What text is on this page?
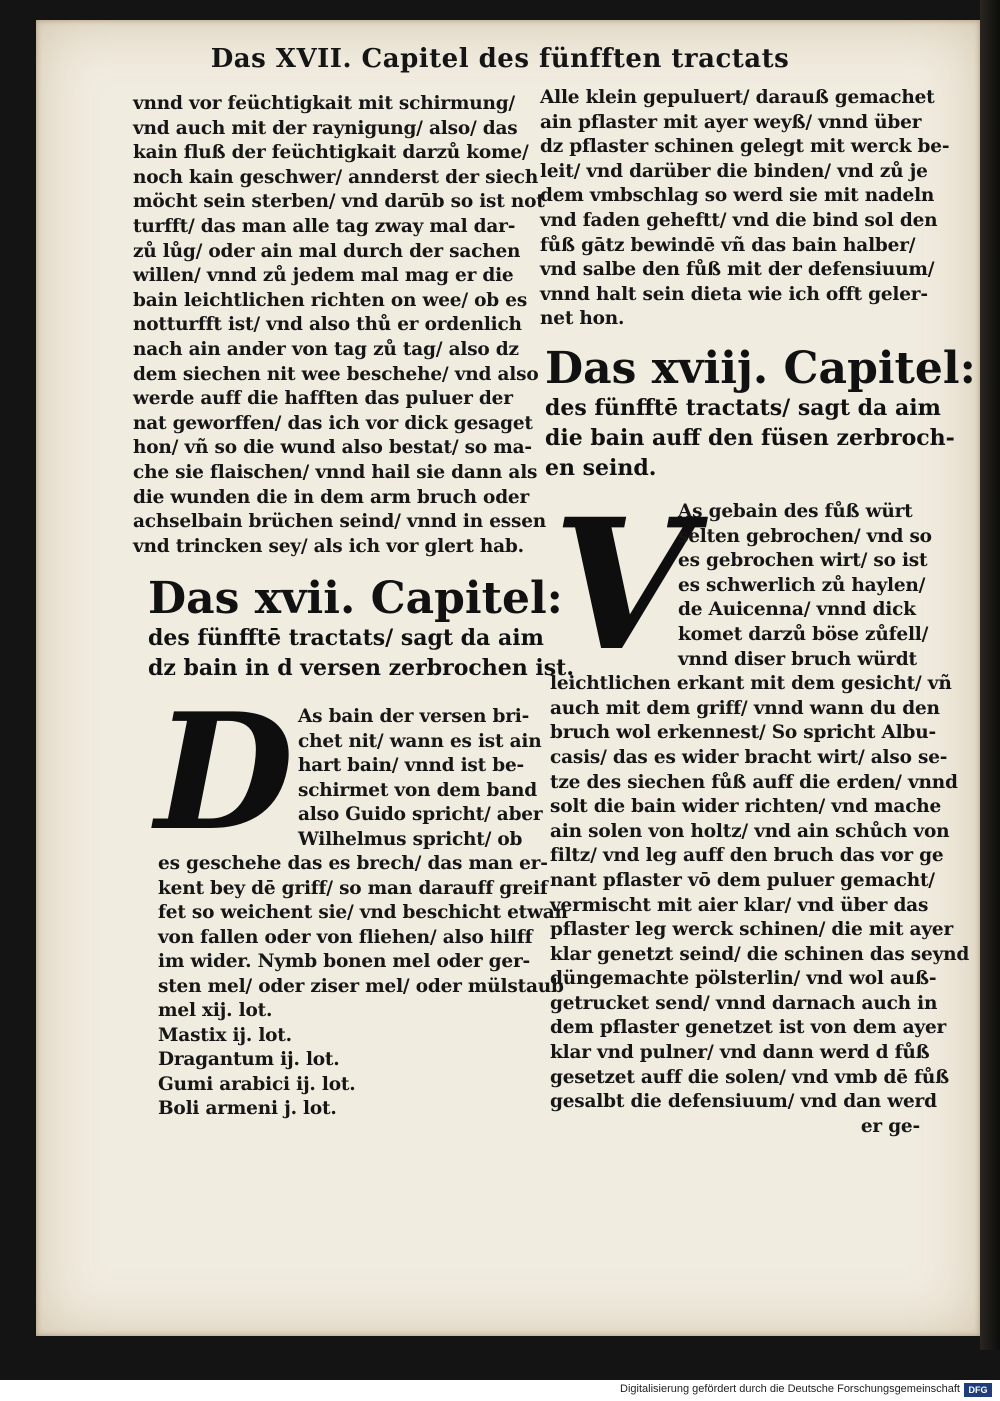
Das XVII. Capitel des fünfften tractats
vnnd vor feüchtigkait mit schirmung/
vnd auch mit der raynigung/ also/ das
kain fluß der feüchtigkait darzů kome/
noch kain geschwer/ annderst der siech
möcht sein sterben/ vnd darūb so ist not
turfft/ das man alle tag zway mal dar-
zů lůg/ oder ain mal durch der sachen
willen/ vnnd zů jedem mal mag er die
bain leichtlichen richten on wee/ ob es
notturfft ist/ vnd also thů er ordenlich
nach ain ander von tag zů tag/ also dz
dem siechen nit wee beschehe/ vnd also
werde auff die hafften das puluer der
nat geworffen/ das ich vor dick gesaget
hon/ vñ so die wund also bestat/ so ma-
che sie flaischen/ vnnd hail sie dann als
die wunden die in dem arm bruch oder
achselbain brüchen seind/ vnnd in essen
vnd trincken sey/ als ich vor glert hab.
Das xvii. Capitel:
des fünfftē tractats/ sagt da aim
dz bain in d versen zerbrochen ist.
D As bain der versen bri-
chet nit/ wann es ist ain
hart bain/ vnnd ist be-
schirmet von dem band
also Guido spricht/ aber
Wilhelmus spricht/ ob
es geschehe das es brech/ das man er-
kent bey dē griff/ so man darauff greif
fet so weichent sie/ vnd beschicht etwan
von fallen oder von fliehen/ also hilff
im wider. Nymb bonen mel oder ger-
sten mel/ oder ziser mel/ oder mülstaub
mel xij. lot.
Mastix ij. lot.
Dragantum ij. lot.
Gumi arabici ij. lot.
Boli armeni j. lot.
Alle klein gepuluert/ darauß gemachet
ain pflaster mit ayer weyß/ vnnd über
dz pflaster schinen gelegt mit werck be-
leit/ vnd darüber die binden/ vnd zů je
dem vmbschlag so werd sie mit nadeln
vnd faden geheftt/ vnd die bind sol den
fůß gātz bewindē vñ das bain halber/
vnd salbe den fůß mit der defensiuum/
vnnd halt sein dieta wie ich offt geler-
net hon.
Das xviij. Capitel:
des fünfftē tractats/ sagt da aim
die bain auff den füsen zerbroch-
en seind.
V
As gebain des fůß würt
selten gebrochen/ vnd so
es gebrochen wirt/ so ist
es schwerlich zů haylen/
de Auicenna/ vnnd dick
komet darzů böse zůfell/
vnnd diser bruch würdt
leichtlichen erkant mit dem gesicht/ vñ
auch mit dem griff/ vnnd wann du den
bruch wol erkennest/ So spricht Albu-
casis/ das es wider bracht wirt/ also se-
tze des siechen fůß auff die erden/ vnnd
solt die bain wider richten/ vnd mache
ain solen von holtz/ vnd ain schůch von
filtz/ vnd leg auff den bruch das vor ge
nant pflaster vō dem puluer gemacht/
vermischt mit aier klar/ vnd über das
pflaster leg werck schinen/ die mit ayer
klar genetzt seind/ die schinen das seynd
düngemachte pölsterlin/ vnd wol auß-
getrucket send/ vnnd darnach auch in
dem pflaster genetzet ist von dem ayer
klar vnd pulner/ vnd dann werd d fůß
gesetzet auff die solen/ vnd vmb dē fůß
gesalbt die defensiuum/ vnd dan werd
er ge-
Digitalisierung gefördert durch die Deutsche Forschungsgemeinschaft DFG
